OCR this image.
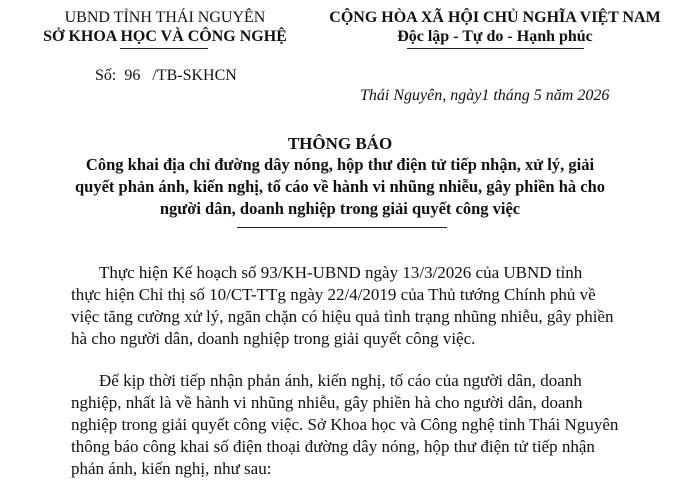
UBND TỈNH THÁI NGUYÊN
SỞ KHOA HỌC VÀ CÔNG NGHỆ
Số:  96   /TB-SKHCN
CỘNG HÒA XÃ HỘI CHỦ NGHĨA VIỆT NAM
Độc lập - Tự do - Hạnh phúc
Thái Nguyên, ngày1 tháng 5 năm 2026
THÔNG BÁO
Công khai địa chỉ đường dây nóng, hộp thư điện tử tiếp nhận, xử lý, giải
quyết phản ánh, kiến nghị, tố cáo về hành vi nhũng nhiễu, gây phiền hà cho
người dân, doanh nghiệp trong giải quyết công việc
Thực hiện Kế hoạch số 93/KH-UBND ngày 13/3/2026 của UBND tỉnh
thực hiện Chỉ thị số 10/CT-TTg ngày 22/4/2019 của Thủ tướng Chính phủ về
việc tăng cường xử lý, ngăn chặn có hiệu quả tình trạng nhũng nhiễu, gây phiền
hà cho người dân, doanh nghiệp trong giải quyết công việc.
Để kịp thời tiếp nhận phản ánh, kiến nghị, tố cáo của người dân, doanh
nghiệp, nhất là về hành vi nhũng nhiễu, gây phiền hà cho người dân, doanh
nghiệp trong giải quyết công việc. Sở Khoa học và Công nghệ tỉnh Thái Nguyên
thông báo công khai số điện thoại đường dây nóng, hộp thư điện tử tiếp nhận
phản ánh, kiến nghị, như sau:
